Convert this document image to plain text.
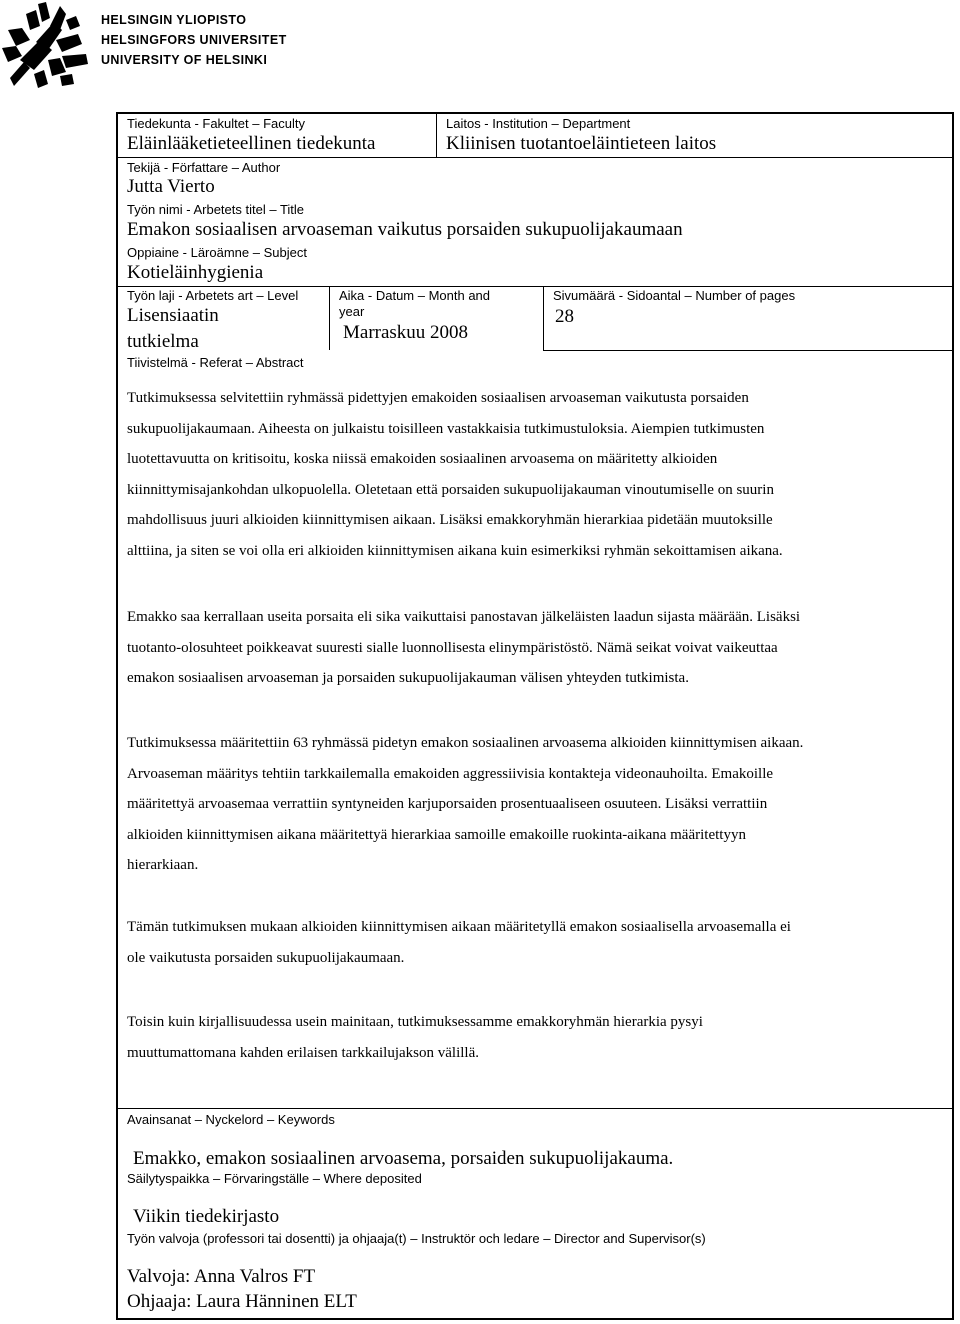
HELSINGIN YLIOPISTO
HELSINGFORS UNIVERSITET
UNIVERSITY OF HELSINKI
Tiedekunta - Fakultet – Faculty
Eläinlääketieteellinen tiedekunta
Laitos - Institution – Department
Kliinisen tuotantoeläintieteen laitos
Tekijä - Författare – Author
Jutta Vierto
Työn nimi - Arbetets titel – Title
Emakon sosiaalisen arvoaseman vaikutus porsaiden sukupuolijakaumaan
Oppiaine - Läroämne – Subject
Kotieläinhygienia
Työn laji - Arbetets art – Level
Lisensiaatin
tutkielma
Aika - Datum – Month and
year
Marraskuu 2008
Sivumäärä - Sidoantal – Number of pages
28
Tiivistelmä - Referat – Abstract
Tutkimuksessa selvitettiin ryhmässä pidettyjen emakoiden sosiaalisen arvoaseman vaikutusta porsaiden
sukupuolijakaumaan. Aiheesta on julkaistu toisilleen vastakkaisia tutkimustuloksia. Aiempien tutkimusten
luotettavuutta on kritisoitu, koska niissä emakoiden sosiaalinen arvoasema on määritetty alkioiden
kiinnittymisajankohdan ulkopuolella. Oletetaan että porsaiden sukupuolijakauman vinoutumiselle on suurin
mahdollisuus juuri alkioiden kiinnittymisen aikaan. Lisäksi emakkoryhmän hierarkiaa pidetään muutoksille
alttiina, ja siten se voi olla eri alkioiden kiinnittymisen aikana kuin esimerkiksi ryhmän sekoittamisen aikana.
Emakko saa kerrallaan useita porsaita eli sika vaikuttaisi panostavan jälkeläisten laadun sijasta määrään. Lisäksi
tuotanto-olosuhteet poikkeavat suuresti sialle luonnollisesta elinympäristöstö. Nämä seikat voivat vaikeuttaa
emakon sosiaalisen arvoaseman ja porsaiden sukupuolijakauman välisen yhteyden tutkimista.
Tutkimuksessa määritettiin 63 ryhmässä pidetyn emakon sosiaalinen arvoasema alkioiden kiinnittymisen aikaan.
Arvoaseman määritys tehtiin tarkkailemalla emakoiden aggressiivisia kontakteja videonauhoilta. Emakoille
määritettyä arvoasemaa verrattiin syntyneiden karjuporsaiden prosentuaaliseen osuuteen. Lisäksi verrattiin
alkioiden kiinnittymisen aikana määritettyä hierarkiaa samoille emakoille ruokinta-aikana määritettyyn
hierarkiaan.
Tämän tutkimuksen mukaan alkioiden kiinnittymisen aikaan määritetyllä emakon sosiaalisella arvoasemalla ei
ole vaikutusta porsaiden sukupuolijakaumaan.
Toisin kuin kirjallisuudessa usein mainitaan, tutkimuksessamme emakkoryhmän hierarkia pysyi
muuttumattomana kahden erilaisen tarkkailujakson välillä.
Avainsanat – Nyckelord – Keywords
Emakko, emakon sosiaalinen arvoasema, porsaiden sukupuolijakauma.
Säilytyspaikka – Förvaringställe – Where deposited
Viikin tiedekirjasto
Työn valvoja (professori tai dosentti) ja ohjaaja(t) – Instruktör och ledare – Director and Supervisor(s)
Valvoja: Anna Valros FT
Ohjaaja: Laura Hänninen ELT
